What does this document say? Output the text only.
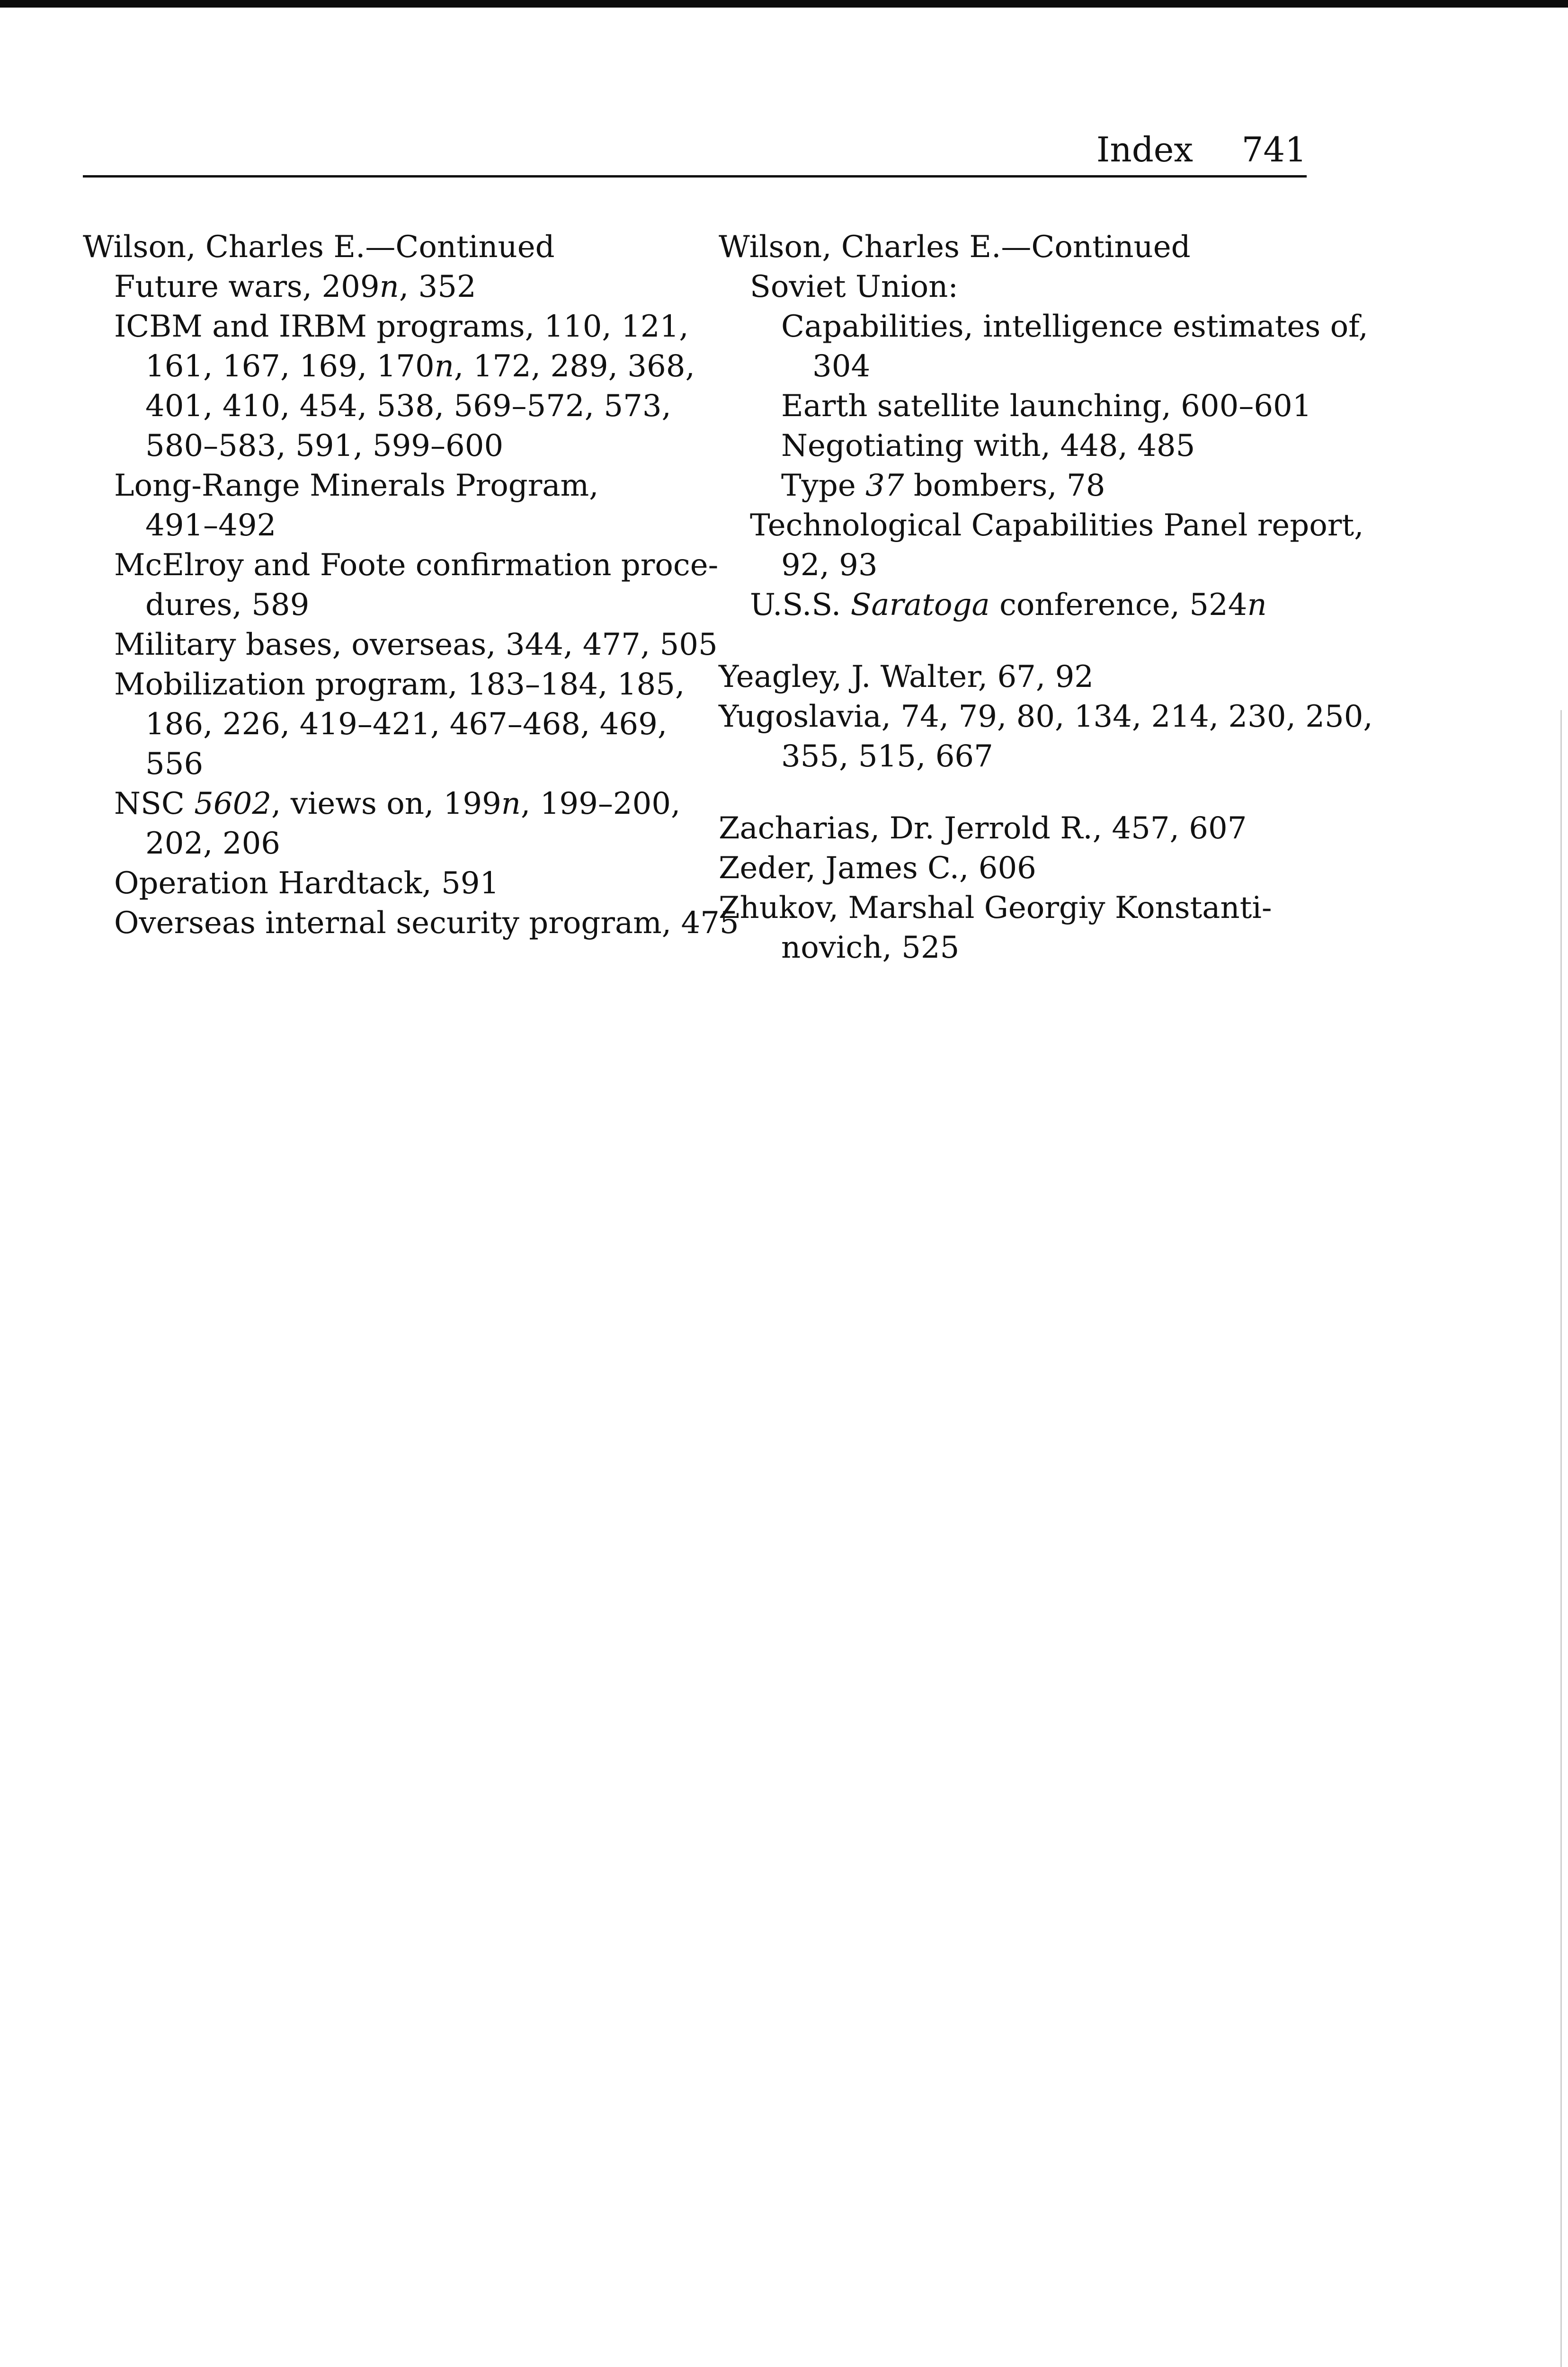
Index 741
Wilson, Charles E.—Continued
Future wars, 209n, 352
ICBM and IRBM programs, 110, 121,
161, 167, 169, 170n, 172, 289, 368,
401, 410, 454, 538, 569–572, 573,
580–583, 591, 599–600
Long-Range Minerals Program,
491–492
McElroy and Foote confirmation proce-
dures, 589
Military bases, overseas, 344, 477, 505
Mobilization program, 183–184, 185,
186, 226, 419–421, 467–468, 469,
556
NSC 5602, views on, 199n, 199–200,
202, 206
Operation Hardtack, 591
Overseas internal security program, 475
Wilson, Charles E.—Continued
Soviet Union:
Capabilities, intelligence estimates of,
304
Earth satellite launching, 600–601
Negotiating with, 448, 485
Type 37 bombers, 78
Technological Capabilities Panel report,
92, 93
U.S.S. Saratoga conference, 524n
Yeagley, J. Walter, 67, 92
Yugoslavia, 74, 79, 80, 134, 214, 230, 250,
355, 515, 667
Zacharias, Dr. Jerrold R., 457, 607
Zeder, James C., 606
Zhukov, Marshal Georgiy Konstanti-
novich, 525
